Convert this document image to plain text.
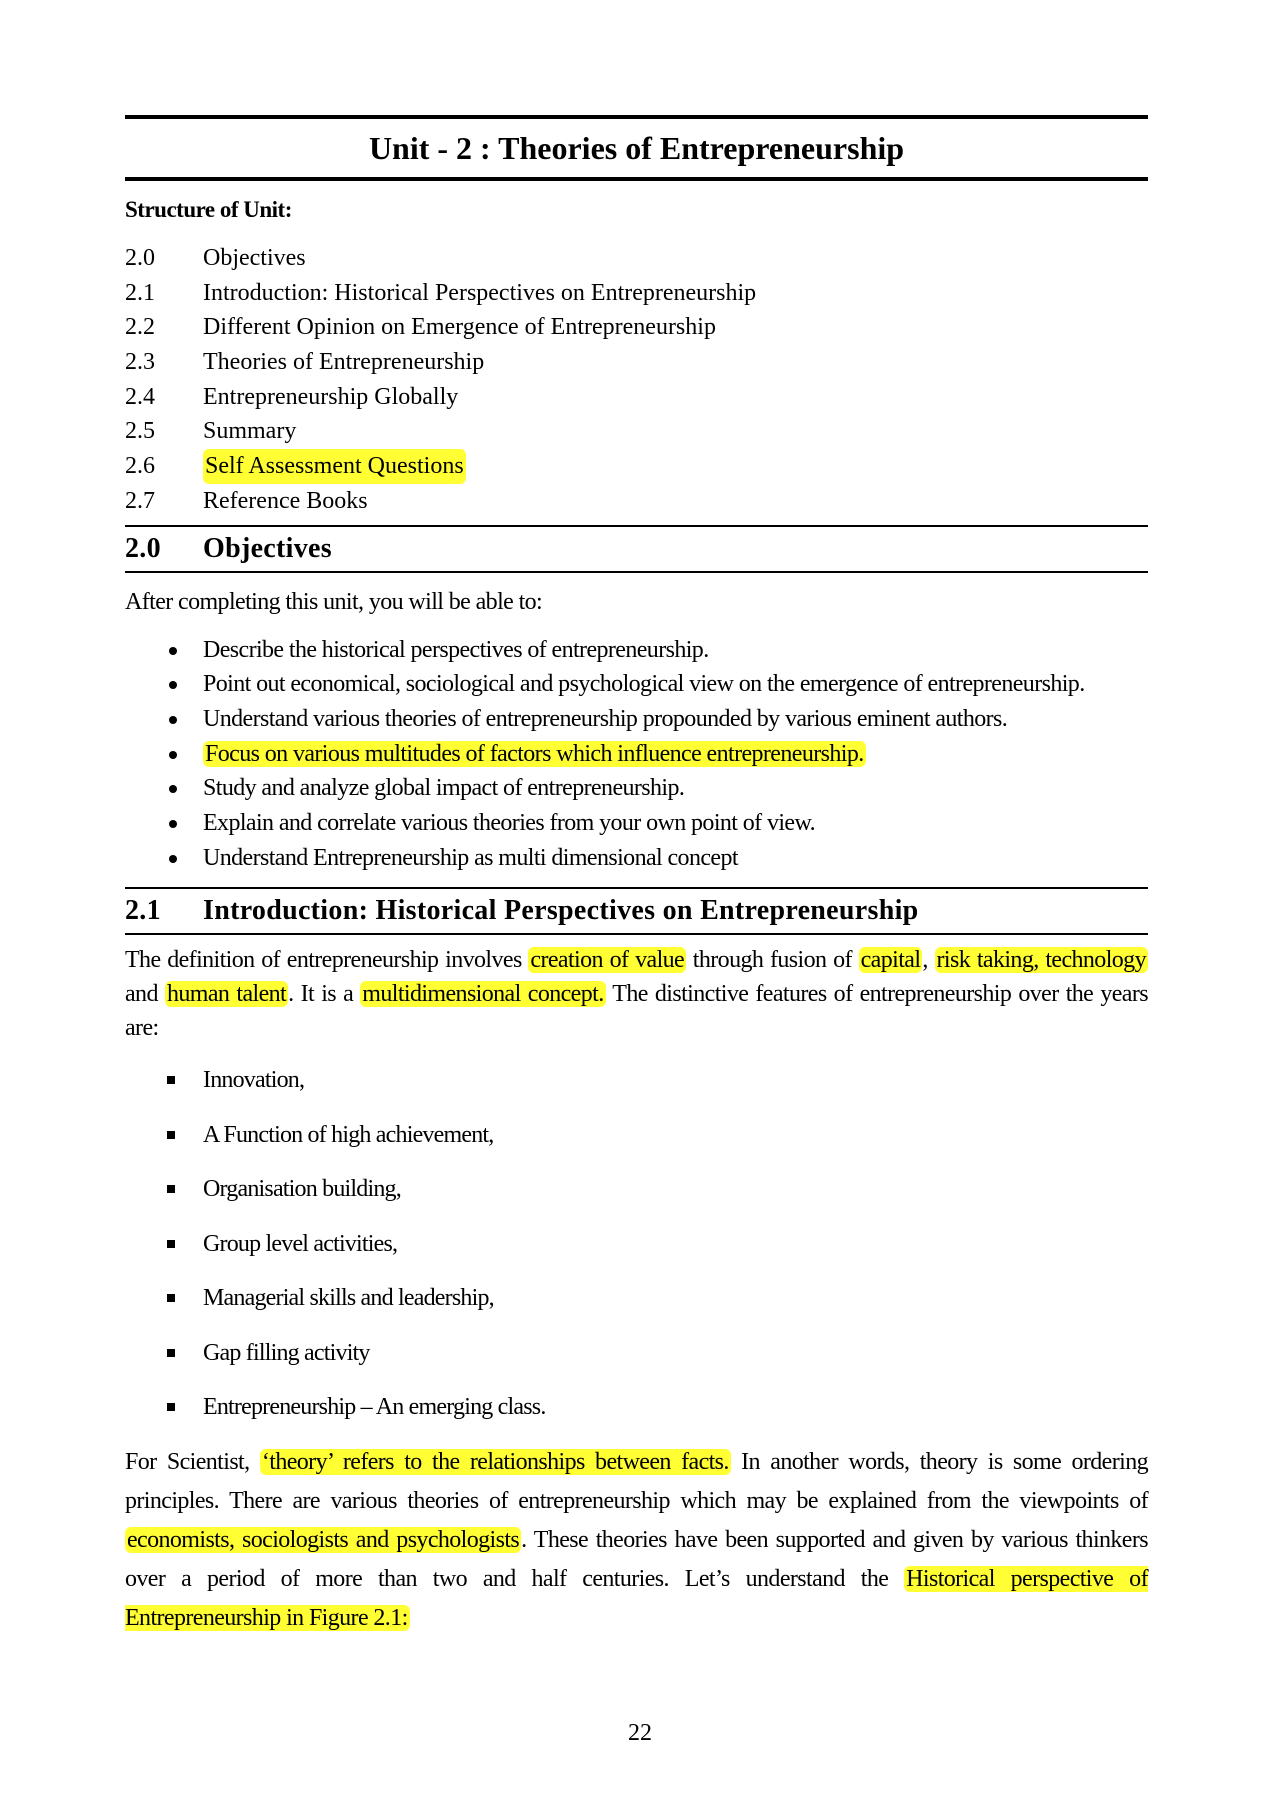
Unit - 2 : Theories of Entrepreneurship
Structure of Unit:
2.0	Objectives
2.1	Introduction: Historical Perspectives on Entrepreneurship
2.2	Different Opinion on Emergence of Entrepreneurship
2.3	Theories of Entrepreneurship
2.4	Entrepreneurship Globally
2.5	Summary
2.6	Self Assessment Questions
2.7	Reference Books
2.0	Objectives
After completing this unit, you will be able to:
Describe the historical perspectives of entrepreneurship.
Point out economical, sociological and psychological view on the emergence of entrepreneurship.
Understand various theories of entrepreneurship propounded by various eminent authors.
Focus on various multitudes of factors which influence entrepreneurship.
Study and analyze global impact of entrepreneurship.
Explain and correlate various theories from your own point of view.
Understand Entrepreneurship as multi dimensional concept
2.1	Introduction: Historical Perspectives on Entrepreneurship
The definition of entrepreneurship involves creation of value through fusion of capital, risk taking, technology and human talent. It is a multidimensional concept. The distinctive features of entrepreneurship over the years are:
Innovation,
A Function of high achievement,
Organisation building,
Group level activities,
Managerial skills and leadership,
Gap filling activity
Entrepreneurship – An emerging class.
For Scientist, ‘theory’ refers to the relationships between facts. In another words, theory is some ordering principles. There are various theories of entrepreneurship which may be explained from the viewpoints of economists, sociologists and psychologists. These theories have been supported and given by various thinkers over a period of more than two and half centuries. Let’s understand the Historical perspective of Entrepreneurship in Figure 2.1:
22
